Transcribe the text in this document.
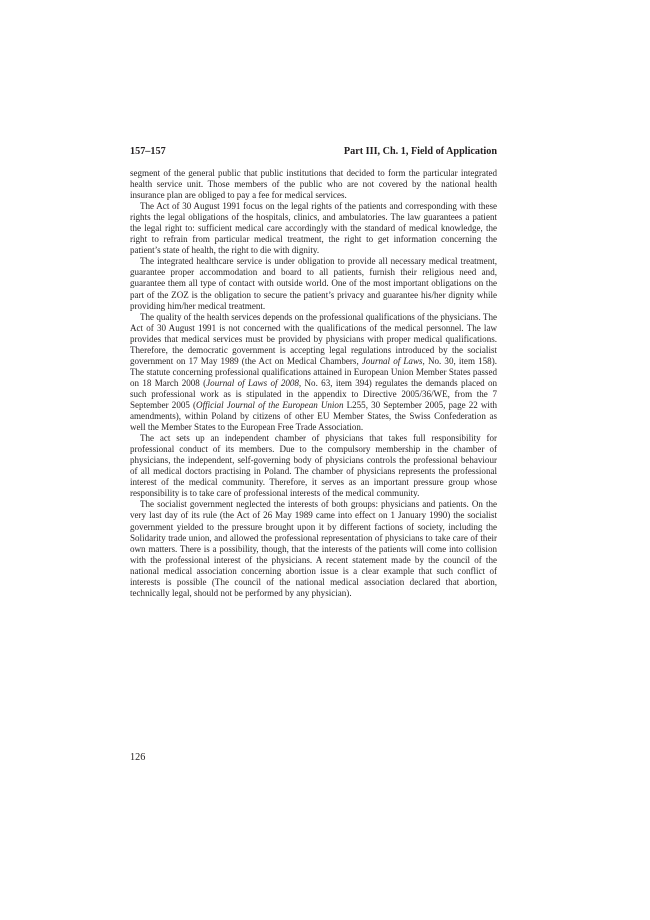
157–157	Part III, Ch. 1, Field of Application

segment of the general public that public institutions that decided to form the particular integrated health service unit. Those members of the public who are not covered by the national health insurance plan are obliged to pay a fee for medical services.

The Act of 30 August 1991 focus on the legal rights of the patients and corresponding with these rights the legal obligations of the hospitals, clinics, and ambulatories. The law guarantees a patient the legal right to: sufficient medical care accordingly with the standard of medical knowledge, the right to refrain from particular medical treatment, the right to get information concerning the patient’s state of health, the right to die with dignity.

The integrated healthcare service is under obligation to provide all necessary medical treatment, guarantee proper accommodation and board to all patients, furnish their religious need and, guarantee them all type of contact with outside world. One of the most important obligations on the part of the ZOZ is the obligation to secure the patient’s privacy and guarantee his/her dignity while providing him/her medical treatment.

The quality of the health services depends on the professional qualifications of the physicians. The Act of 30 August 1991 is not concerned with the qualifications of the medical personnel. The law provides that medical services must be provided by physicians with proper medical qualifications. Therefore, the democratic government is accepting legal regulations introduced by the socialist government on 17 May 1989 (the Act on Medical Chambers, Journal of Laws, No. 30, item 158). The statute concerning professional qualifications attained in European Union Member States passed on 18 March 2008 (Journal of Laws of 2008, No. 63, item 394) regulates the demands placed on such professional work as is stipulated in the appendix to Directive 2005/36/WE, from the 7 September 2005 (Official Journal of the European Union L255, 30 September 2005, page 22 with amendments), within Poland by citizens of other EU Member States, the Swiss Confederation as well the Member States to the European Free Trade Association.

The act sets up an independent chamber of physicians that takes full responsibility for professional conduct of its members. Due to the compulsory membership in the chamber of physicians, the independent, self-governing body of physicians controls the professional behaviour of all medical doctors practising in Poland. The chamber of physicians represents the professional interest of the medical community. Therefore, it serves as an important pressure group whose responsibility is to take care of professional interests of the medical community.

The socialist government neglected the interests of both groups: physicians and patients. On the very last day of its rule (the Act of 26 May 1989 came into effect on 1 January 1990) the socialist government yielded to the pressure brought upon it by different factions of society, including the Solidarity trade union, and allowed the professional representation of physicians to take care of their own matters. There is a possibility, though, that the interests of the patients will come into collision with the professional interest of the physicians. A recent statement made by the council of the national medical association concerning abortion issue is a clear example that such conflict of interests is possible (The council of the national medical association declared that abortion, technically legal, should not be performed by any physician).

126
